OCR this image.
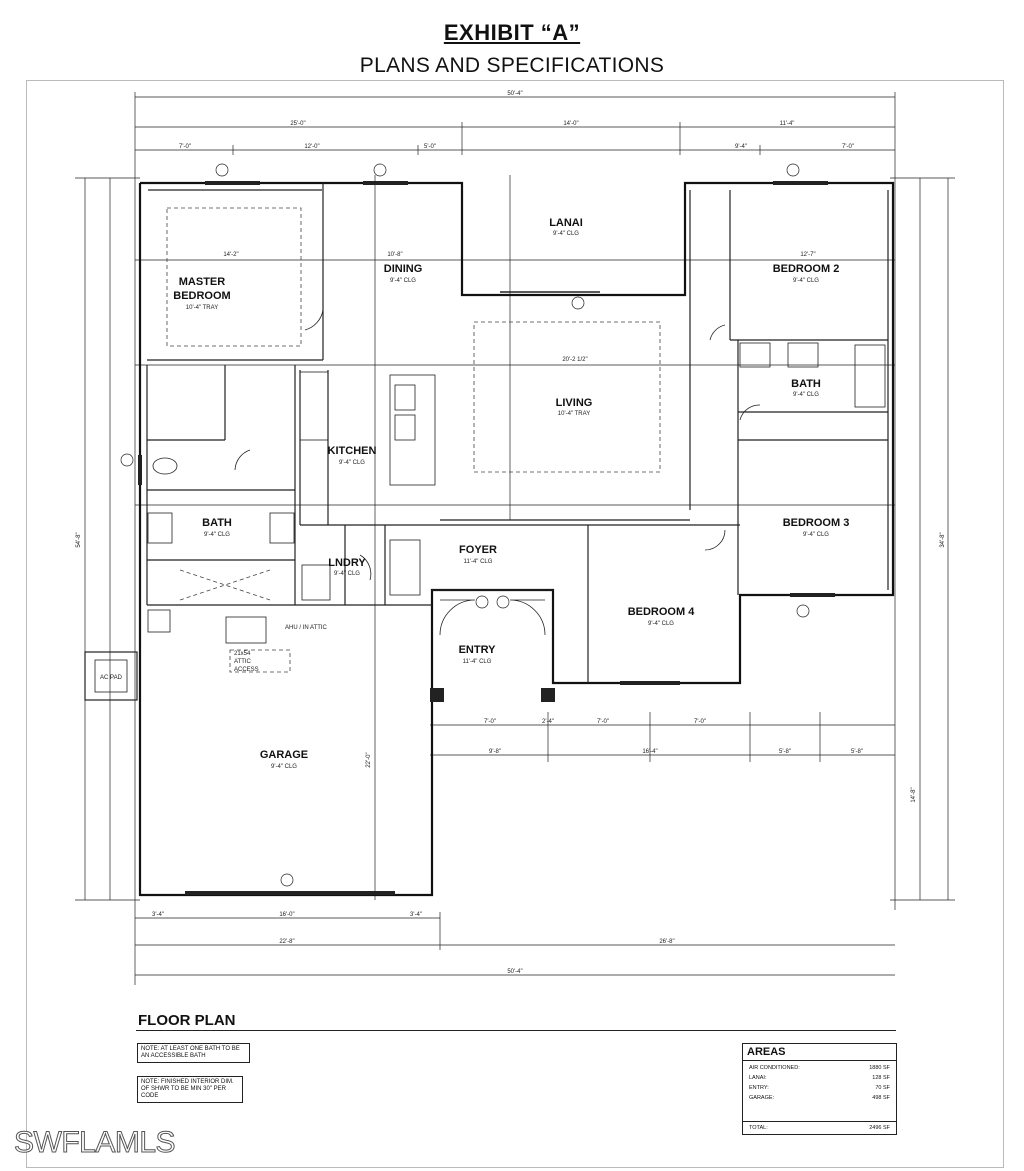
EXHIBIT “A”
PLANS AND SPECIFICATIONS
50'-4"
25'-0"	14'-0"	11'-4"
7'-0"	12'-0"	5'-0"	9'-4"	7'-0"
3'-4"	16'-0"	3'-4"
22'-8"	26'-8"
50'-4"
54'-8"	34'-8"
7'-0"	2'-4"	7'-0"	7'-0"
9'-8"	16'-4"	5'-8"	5'-8"
22'-0"
14'-8"
14'-2"	10'-8"	12'-7"
20'-2 1/2"
MASTER
BEDROOM
10'-4" TRAY
DINING
9'-4" CLG
LANAI
9'-4" CLG
BEDROOM 2
9'-4" CLG
LIVING
10'-4" TRAY
BATH
9'-4" CLG
KITCHEN
9'-4" CLG
BATH
9'-4" CLG
BEDROOM 3
9'-4" CLG
FOYER
11'-4" CLG
LNDRY
9'-4" CLG
BEDROOM 4
9'-4" CLG
ENTRY
11'-4" CLG
GARAGE
9'-4" CLG
AHU / IN ATTIC
21x54
ATTIC
ACCESS
AC PAD
FLOOR PLAN
NOTE: AT LEAST ONE BATH TO BE AN ACCESSIBLE BATH
NOTE: FINISHED INTERIOR DIM. OF SHWR TO BE MIN 30" PER CODE
AREAS
AIR CONDITIONED:	1880 SF
LANAI:	128 SF
ENTRY:	70 SF
GARAGE:	498 SF
TOTAL:	2496 SF
SWFLAMLS
